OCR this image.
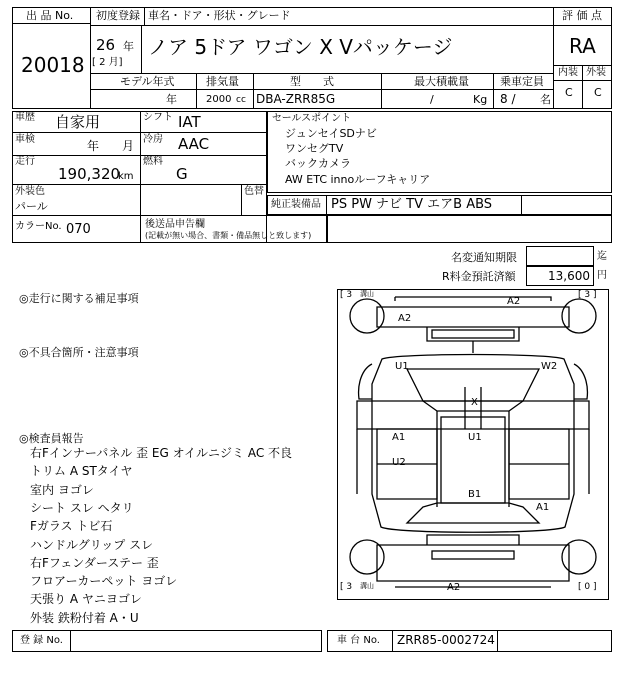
出 品 No.
20018
初度登録 車名・ドア・形状・グレード
26 年
[ 2 月]
ノア 5ドア ワゴン X Vパッケージ
評 価 点
RA
内装 外装
C C
モデル年式	排気量	型　　式	最大積載量	乗車定員
年	2000 cc DBA-ZRR85G	/	Kg 8 / 名
車歴 自家用	シフト IAT
車検	年 月 冷房 AAC
走行
190,320
km
燃料
G
外装色
パール
色替
カラーNo. 070	後送品申告欄
(記載が無い場合、書類・備品無しと致します)
セールスポイント
ジュンセイSDナビ
ワンセグTV
バックカメラ
AW ETC innoルーフキャリア
純正装備品 PS PW ナビ TV エアB ABS
名変通知期限	迄
R料金預託済額	13,600 円
◎走行に関する補足事項
◎不具合箇所・注意事項
◎検査員報告
右Fインナーパネル 歪 EG オイルニジミ AC 不良
トリム A STタイヤ
室内 ヨゴレ
シート スレ ヘタリ
Fガラス トビ石
ハンドルグリップ スレ
右Fフェンダーステー 歪
フロアーカーペット ヨゴレ
天張り A ヤニヨゴレ
外装 鉄粉付着 A・U
[ 3 溝山	[ 3 ]
[ 3 溝山	[ 0 ]
A2
A2
U1	W2
X
A1	U1
U2
B1
A1
A2
登 録 No.	車 台 No. ZRR85-0002724
